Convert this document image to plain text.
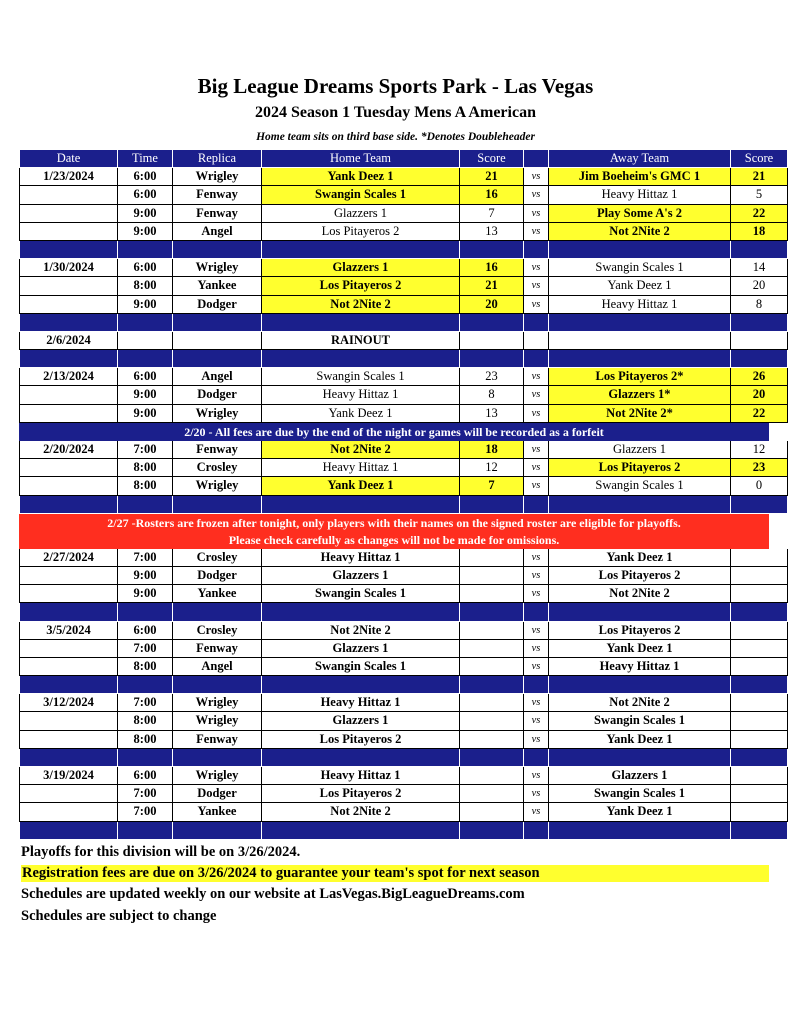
Big League Dreams Sports Park - Las Vegas
2024 Season 1 Tuesday Mens A American
Home team sits on third base side. *Denotes Doubleheader
Date	Time	Replica	Home Team	Score	Away Team	Score
1/23/2024	6:00	Wrigley	Yank Deez 1	21	vs	Jim Boeheim's GMC 1	21
6:00	Fenway	Swangin Scales 1	16	vs	Heavy Hittaz 1	5
9:00	Fenway	Glazzers 1	7	vs	Play Some A's 2	22
9:00	Angel	Los Pitayeros 2	13	vs	Not 2Nite 2	18
1/30/2024	6:00	Wrigley	Glazzers 1	16	vs	Swangin Scales 1	14
8:00	Yankee	Los Pitayeros 2	21	vs	Yank Deez 1	20
9:00	Dodger	Not 2Nite 2	20	vs	Heavy Hittaz 1	8
2/6/2024	RAINOUT
2/13/2024	6:00	Angel	Swangin Scales 1	23	vs	Los Pitayeros 2*	26
9:00	Dodger	Heavy Hittaz 1	8	vs	Glazzers 1*	20
9:00	Wrigley	Yank Deez 1	13	vs	Not 2Nite 2*	22
2/20 - All fees are due by the end of the night or games will be recorded as a forfeit
2/20/2024	7:00	Fenway	Not 2Nite 2	18	vs	Glazzers 1	12
8:00	Crosley	Heavy Hittaz 1	12	vs	Los Pitayeros 2	23
8:00	Wrigley	Yank Deez 1	7	vs	Swangin Scales 1	0
2/27 -Rosters are frozen after tonight, only players with their names on the signed roster are eligible for playoffs.
Please check carefully as changes will not be made for omissions.
2/27/2024	7:00	Crosley	Heavy Hittaz 1	vs	Yank Deez 1
9:00	Dodger	Glazzers 1	vs	Los Pitayeros 2
9:00	Yankee	Swangin Scales 1	vs	Not 2Nite 2
3/5/2024	6:00	Crosley	Not 2Nite 2	vs	Los Pitayeros 2
7:00	Fenway	Glazzers 1	vs	Yank Deez 1
8:00	Angel	Swangin Scales 1	vs	Heavy Hittaz 1
3/12/2024	7:00	Wrigley	Heavy Hittaz 1	vs	Not 2Nite 2
8:00	Wrigley	Glazzers 1	vs	Swangin Scales 1
8:00	Fenway	Los Pitayeros 2	vs	Yank Deez 1
3/19/2024	6:00	Wrigley	Heavy Hittaz 1	vs	Glazzers 1
7:00	Dodger	Los Pitayeros 2	vs	Swangin Scales 1
7:00	Yankee	Not 2Nite 2	vs	Yank Deez 1
Playoffs for this division will be on 3/26/2024.
Registration fees are due on 3/26/2024 to guarantee your team's spot for next season
Schedules are updated weekly on our website at LasVegas.BigLeagueDreams.com
Schedules are subject to change
